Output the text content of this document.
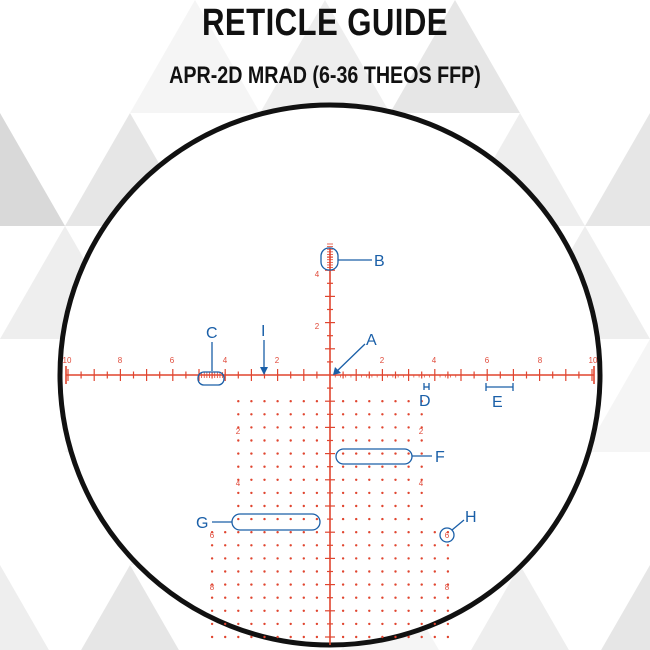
RETICLE GUIDE
APR-2D MRAD (6-36 THEOS FFP)
10	8	6	4	2	2	4	6	8	10
2
4
2	2
4	4
6	6
8	8
A
B
C
D	E
F
G	H
I
